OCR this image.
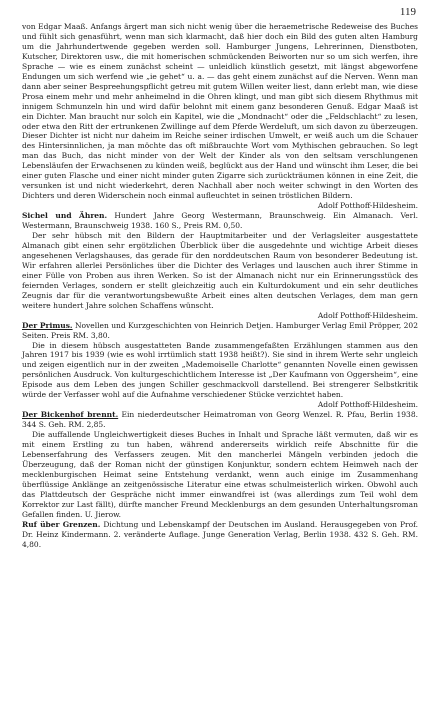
119

von Edgar Maaß. Anfangs ärgert man sich nicht wenig über die heraemetrische Redeweise des Buches und fühlt sich genasführt, wenn man sich klarmacht, daß hier doch ein Bild des guten alten Hamburg um die Jahrhundertwende gegeben werden soll. Hamburger Jungens, Lehrerinnen, Dienstboten, Kutscher, Direktoren usw., die mit homerischen schmückenden Beiworten nur so um sich werfen, ihre Sprache — wie es einem zunächst scheint — unleidlich künstlich gesetzt, mit längst abgeworfene Endungen um sich werfend wie „ie gehet“ u. a. — das geht einem zunächst auf die Nerven. Wenn man dann aber seiner Bespreehungspflicht getreu mit gutem Willen weiter liest, dann erlebt man, wie diese Prosa einem mehr und mehr anheimelnd in die Ohren klingt, und man gibt sich diesem Rhythmus mit innigem Schmunzeln hin und wird dafür belohnt mit einem ganz besonderen Genuß. Edgar Maaß ist ein Dichter. Man braucht nur solch ein Kapitel, wie die „Mondnacht“ oder die „Feldschlacht“ zu lesen, oder etwa den Ritt der ertrunkenen Zwillinge auf dem Pferde Werdeluft, um sich davon zu überzeugen. Dieser Dichter ist nicht nur daheim im Reiche seiner irdischen Umwelt, er weiß auch um die Schauer des Hintersinnlichen, ja man möchte das oft mißbrauchte Wort vom Mythischen gebrauchen. So legt man das Buch, das nicht minder von der Welt der Kinder als von den seltsam verschlungenen Lebensläufen der Erwachsenen zu künden weiß, beglückt aus der Hand und wünscht ihm Leser, die bei einer guten Flasche und einer nicht minder guten Zigarre sich zurückträumen können in eine Zeit, die versunken ist und nicht wiederkehrt, deren Nachhall aber noch weiter schwingt in den Worten des Dichters und deren Widerschein noch einmal aufleuchtet in seinen tröstlichen Bildern.

Adolf Potthoff-Hildesheim.

Sichel und Ähren. Hundert Jahre Georg Westermann, Braunschweig. Ein Almanach. Verl. Westermann, Braunschweig 1938. 160 S., Preis RM. 0,50.

Der sehr hübsch mit den Bildern der Hauptmitarbeiter und der Verlagsleiter ausgestattete Almanach gibt einen sehr ergötzlichen Überblick über die ausgedehnte und wichtige Arbeit dieses angesehenen Verlagshauses, das gerade für den norddeutschen Raum von besonderer Bedeutung ist. Wir erfahren allerlei Persönliches über die Dichter des Verlages und lauschen auch ihrer Stimme in einer Fülle von Proben aus ihren Werken. So ist der Almanach nicht nur ein Erinnerungsstück des feiernden Verlages, sondern er stellt gleichzeitig auch ein Kulturdokument und ein sehr deutliches Zeugnis dar für die verantwortungsbewußte Arbeit eines alten deutschen Verlages, dem man gern weitere hundert Jahre solchen Schaffens wünscht.

Adolf Potthoff-Hildesheim.

Der Primus. Novellen und Kurzgeschichten von Heinrich Detjen. Hamburger Verlag Emil Pröpper, 202 Seiten. Preis RM. 3,80.

Die in diesem hübsch ausgestatteten Bande zusammengefaßten Erzählungen stammen aus den Jahren 1917 bis 1939 (wie es wohl irrtümlich statt 1938 heißt?). Sie sind in ihrem Werte sehr ungleich und zeigen eigentlich nur in der zweiten „Mademoiselle Charlotte“ genannten Novelle einen gewissen persönlichen Ausdruck. Von kulturgeschichtlichem Interesse ist „Der Kaufmann von Oggersheim“, eine Episode aus dem Leben des jungen Schiller geschmackvoll darstellend. Bei strengerer Selbstkritik würde der Verfasser wohl auf die Aufnahme verschiedener Stücke verzichtet haben.

Adolf Potthoff-Hildesheim.

Der Bickenhof brennt. Ein niederdeutscher Heimatroman von Georg Wenzel. R. Pfau, Berlin 1938. 344 S. Geh. RM. 2,85.

Die auffallende Ungleichwertigkeit dieses Buches in Inhalt und Sprache läßt vermuten, daß wir es mit einem Erstling zu tun haben, während andererseits wirklich reife Abschnitte für die Lebenserfahrung des Verfassers zeugen. Mit den mancherlei Mängeln verbinden jedoch die Überzeugung, daß der Roman nicht der günstigen Konjunktur, sondern echtem Heimweh nach der mecklenburgischen Heimat seine Entstehung verdankt, wenn auch einige im Zusammenhang überflüssige Anklänge an zeitgenössische Literatur eine etwas schulmeisterlich wirken. Obwohl auch das Plattdeutsch der Gespräche nicht immer einwandfrei ist (was allerdings zum Teil wohl dem Korrektor zur Last fällt), dürfte mancher Freund Mecklenburgs an dem gesunden Unterhaltungsroman Gefallen finden. U. Jierow.

Ruf über Grenzen. Dichtung und Lebenskampf der Deutschen im Ausland. Herausgegeben von Prof. Dr. Heinz Kindermann. 2. veränderte Auflage. Junge Generation Verlag, Berlin 1938. 432 S. Geh. RM. 4,80.
